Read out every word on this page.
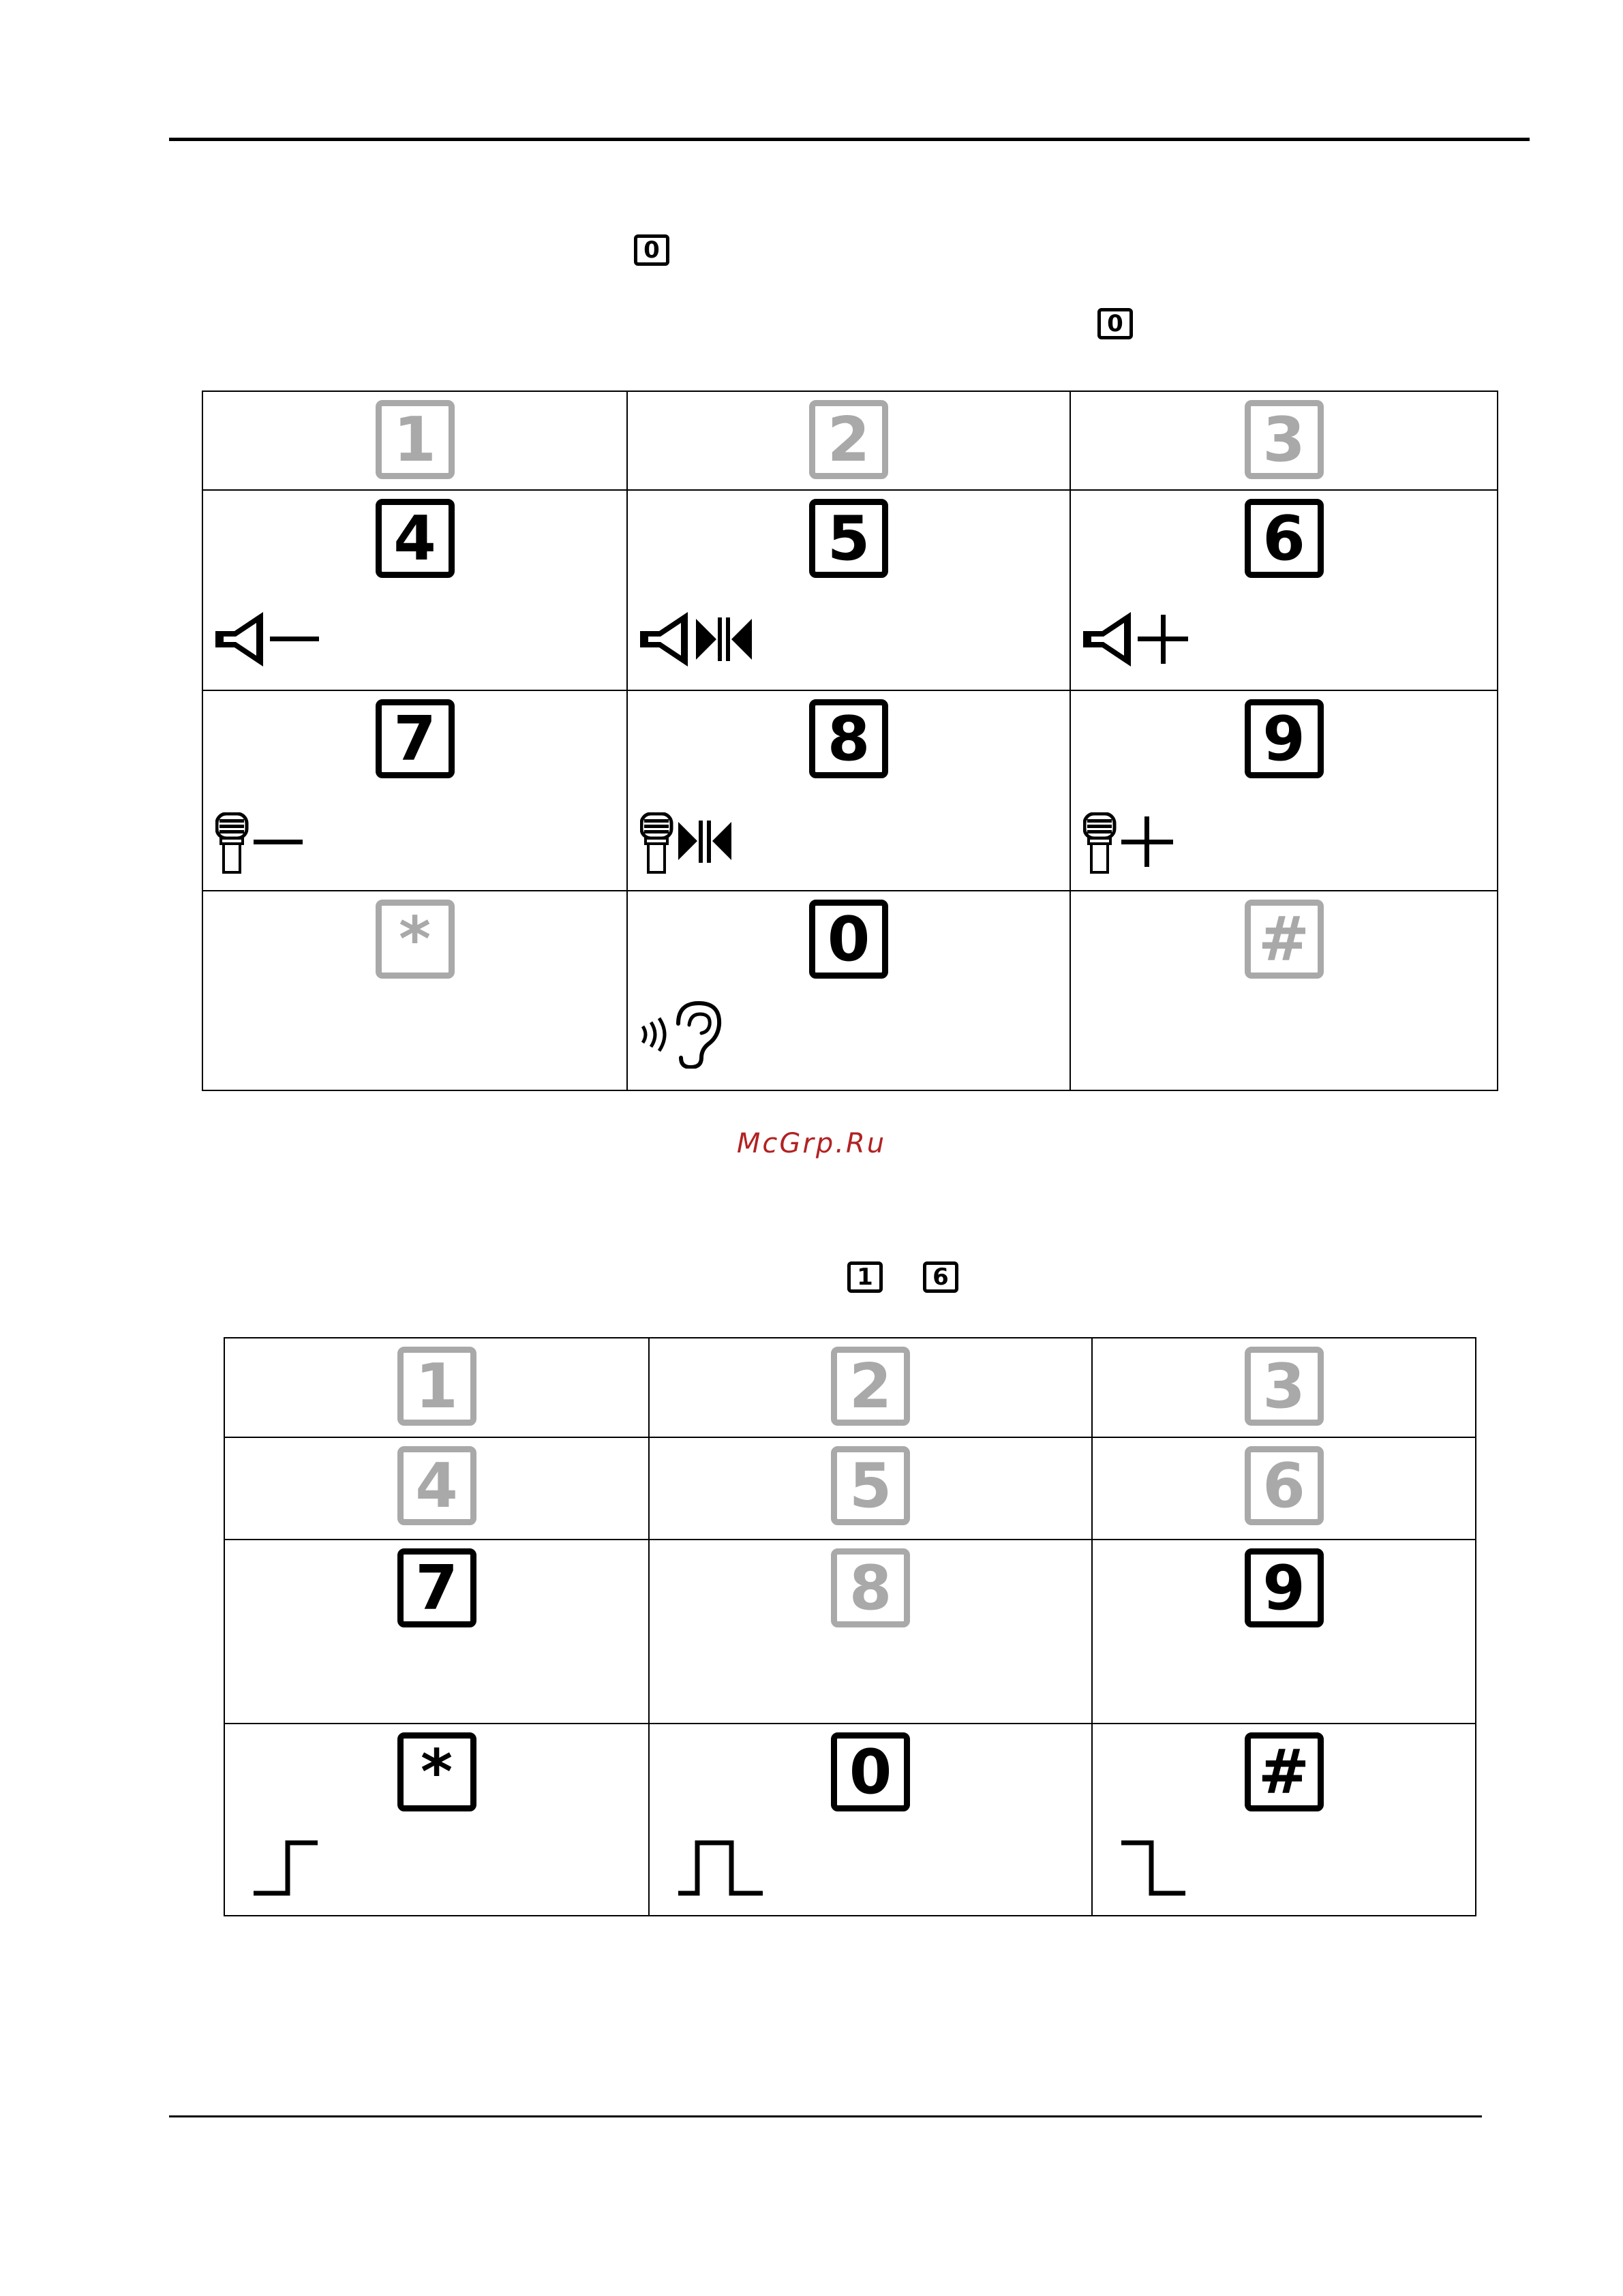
0
0
1	2	3

4	5	6

7	8	9

*	0	#
McGrp.Ru
1	6
1	2	3

4	5	6

7	8	9

*	0	#
